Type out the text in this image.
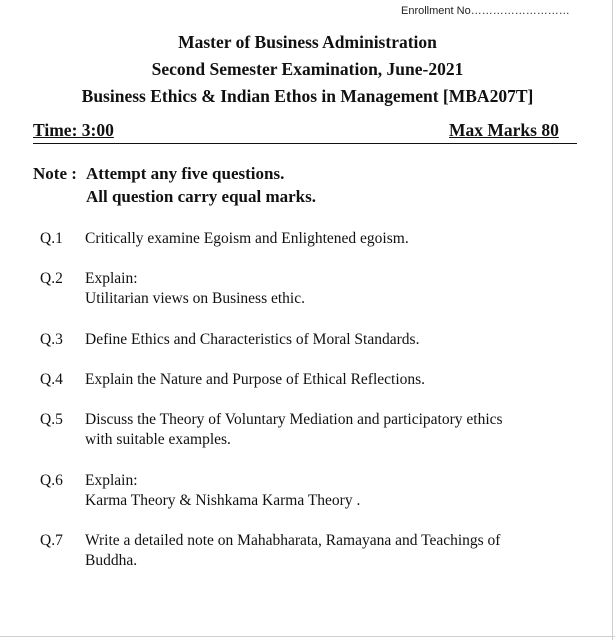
Enrollment No………………………
Master of Business Administration
Second Semester Examination, June-2021
Business Ethics & Indian Ethos in Management [MBA207T]
Time: 3:00	Max Marks 80
Note : Attempt any five questions.
All question carry equal marks.
Q.1 Critically examine Egoism and Enlightened egoism.
Q.2 Explain:
Utilitarian views on Business ethic.
Q.3 Define Ethics and Characteristics of Moral Standards.
Q.4 Explain the Nature and Purpose of Ethical Reflections.
Q.5 Discuss the Theory of Voluntary Mediation and participatory ethics
with suitable examples.
Q.6 Explain:
Karma Theory & Nishkama Karma Theory .
Q.7 Write a detailed note on Mahabharata, Ramayana and Teachings of
Buddha.
